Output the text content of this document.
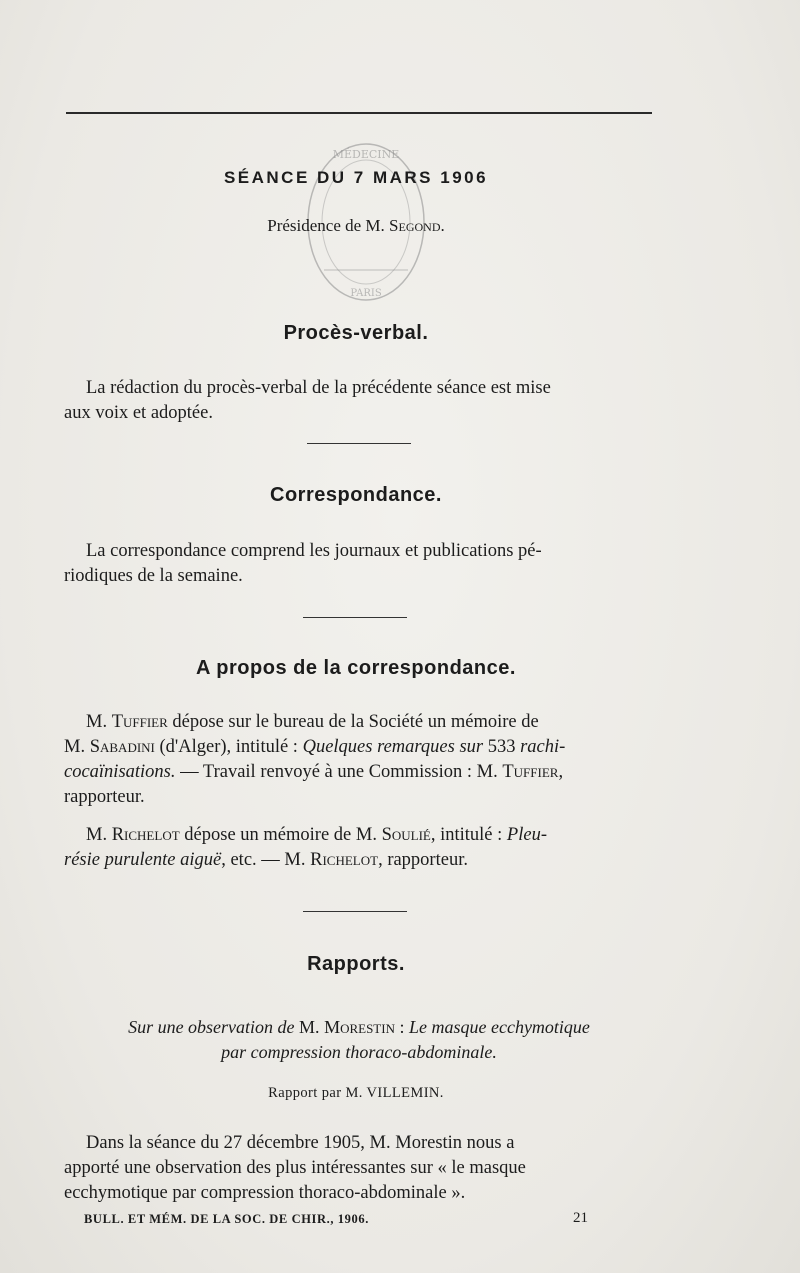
MÉDECINE
PARIS
SÉANCE DU 7 MARS 1906
Présidence de M. Segond.
Procès-verbal.

La rédaction du procès-verbal de la précédente séance est mise

aux voix et adoptée.

Correspondance.

La correspondance comprend les journaux et publications pé-

riodiques de la semaine.

A propos de la correspondance.

M. Tuffier dépose sur le bureau de la Société un mémoire de

M. Sabadini (d'Alger), intitulé : Quelques remarques sur 533 rachi-

cocaïnisations. — Travail renvoyé à une Commission : M. Tuffier,

rapporteur.

M. Richelot dépose un mémoire de M. Soulié, intitulé : Pleu-

résie purulente aiguë, etc. — M. Richelot, rapporteur.

Rapports.

Sur une observation de M. Morestin : Le masque ecchymotique

par compression thoraco-abdominale.

Rapport par M. VILLEMIN.

Dans la séance du 27 décembre 1905, M. Morestin nous a

apporté une observation des plus intéressantes sur « le masque

ecchymotique par compression thoraco-abdominale ».

BULL. ET MÉM. DE LA SOC. DE CHIR., 1906.	21
